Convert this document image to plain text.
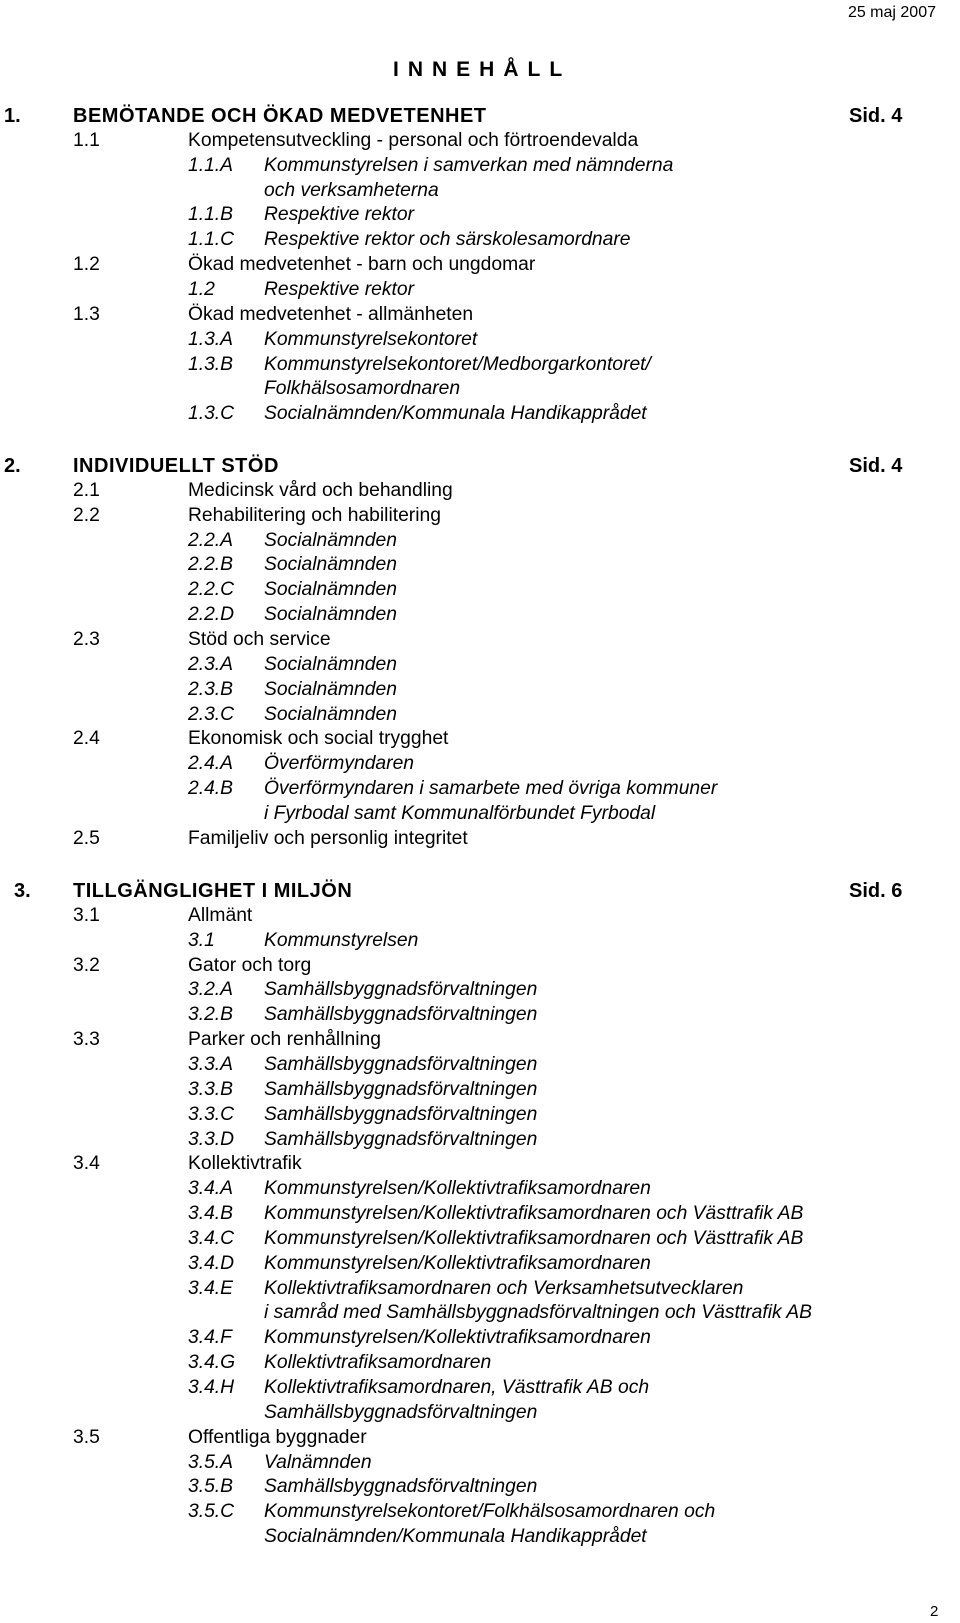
25 maj 2007
INNEHÅLL
1.	BEMÖTANDE OCH ÖKAD MEDVETENHET	Sid. 4
1.1	Kompetensutveckling - personal och förtroendevalda
1.1.A Kommunstyrelsen i samverkan med nämnderna
och verksamheterna
1.1.B Respektive rektor
1.1.C Respektive rektor och särskolesamordnare
1.2	Ökad medvetenhet - barn och ungdomar
1.2	Respektive rektor
1.3	Ökad medvetenhet - allmänheten
1.3.A Kommunstyrelsekontoret
1.3.B Kommunstyrelsekontoret/Medborgarkontoret/
Folkhälsosamordnaren
1.3.C Socialnämnden/Kommunala Handikapprådet
2.	INDIVIDUELLT STÖD	Sid. 4
2.1	Medicinsk vård och behandling
2.2	Rehabilitering och habilitering
2.2.A Socialnämnden
2.2.B Socialnämnden
2.2.C Socialnämnden
2.2.D Socialnämnden
2.3	Stöd och service
2.3.A Socialnämnden
2.3.B Socialnämnden
2.3.C Socialnämnden
2.4	Ekonomisk och social trygghet
2.4.A Överförmyndaren
2.4.B Överförmyndaren i samarbete med övriga kommuner
i Fyrbodal samt Kommunalförbundet Fyrbodal
2.5	Familjeliv och personlig integritet
3. TILLGÄNGLIGHET I MILJÖN	Sid. 6
3.1	Allmänt
3.1	Kommunstyrelsen
3.2	Gator och torg
3.2.A Samhällsbyggnadsförvaltningen
3.2.B Samhällsbyggnadsförvaltningen
3.3	Parker och renhållning
3.3.A Samhällsbyggnadsförvaltningen
3.3.B Samhällsbyggnadsförvaltningen
3.3.C Samhällsbyggnadsförvaltningen
3.3.D Samhällsbyggnadsförvaltningen
3.4	Kollektivtrafik
3.4.A Kommunstyrelsen/Kollektivtrafiksamordnaren
3.4.B Kommunstyrelsen/Kollektivtrafiksamordnaren och Västtrafik AB
3.4.C Kommunstyrelsen/Kollektivtrafiksamordnaren och Västtrafik AB
3.4.D Kommunstyrelsen/Kollektivtrafiksamordnaren
3.4.E Kollektivtrafiksamordnaren och Verksamhetsutvecklaren
i samråd med Samhällsbyggnadsförvaltningen och Västtrafik AB
3.4.F Kommunstyrelsen/Kollektivtrafiksamordnaren
3.4.G Kollektivtrafiksamordnaren
3.4.H Kollektivtrafiksamordnaren, Västtrafik AB och
Samhällsbyggnadsförvaltningen
3.5	Offentliga byggnader
3.5.A Valnämnden
3.5.B Samhällsbyggnadsförvaltningen
3.5.C Kommunstyrelsekontoret/Folkhälsosamordnaren och
Socialnämnden/Kommunala Handikapprådet
2
